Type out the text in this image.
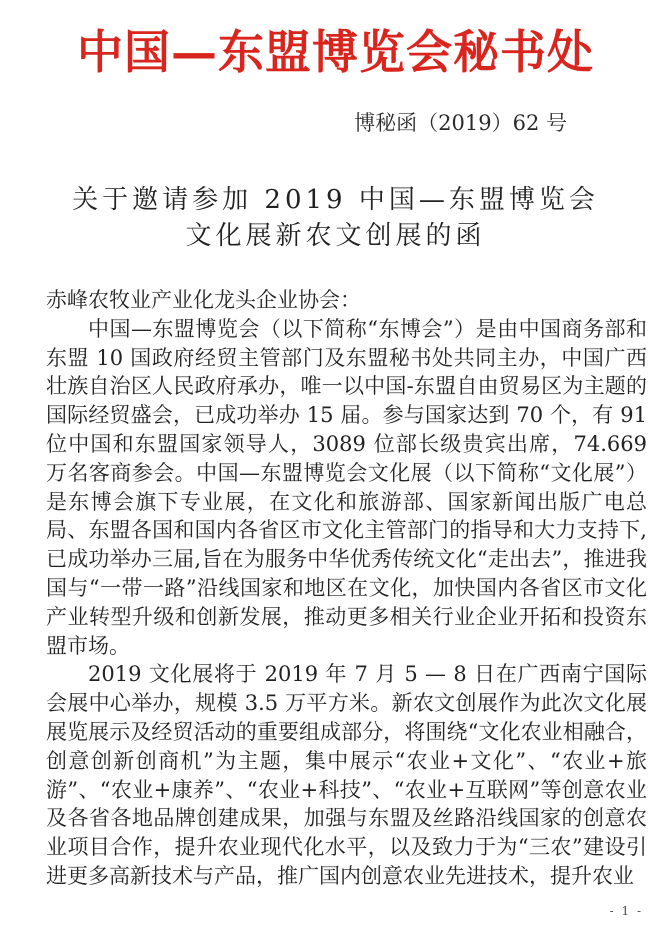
中国—东盟博览会秘书处
博秘函（2019）62 号
关于邀请参加 2019 中国—东盟博览会
文化展新农文创展的函

赤峰农牧业产业化龙头企业协会：

中国—东盟博览会（以下简称“东博会”）是由中国商务部和东盟 10 国政府经贸主管部门及东盟秘书处共同主办，中国广西壮族自治区人民政府承办，唯一以中国-东盟自由贸易区为主题的国际经贸盛会，已成功举办 15 届。参与国家达到 70 个，有 91 位中国和东盟国家领导人，3089 位部长级贵宾出席，74.669 万名客商参会。中国—东盟博览会文化展（以下简称“文化展”）是东博会旗下专业展，在文化和旅游部、国家新闻出版广电总局、东盟各国和国内各省区市文化主管部门的指导和大力支持下,已成功举办三届,旨在为服务中华优秀传统文化“走出去”，推进我国与“一带一路”沿线国家和地区在文化，加快国内各省区市文化产业转型升级和创新发展，推动更多相关行业企业开拓和投资东盟市场。

2019 文化展将于 2019 年 7 月 5 — 8 日在广西南宁国际会展中心举办，规模 3.5 万平方米。新农文创展作为此次文化展展览展示及经贸活动的重要组成部分，将围绕“文化农业相融合，创意创新创商机”为主题，集中展示“农业+文化”、“农业+旅游”、“农业+康养”、“农业+科技”、“农业+互联网”等创意农业及各省各地品牌创建成果，加强与东盟及丝路沿线国家的创意农业项目合作，提升农业现代化水平，以及致力于为“三农”建设引进更多高新技术与产品，推广国内创意农业先进技术，提升农业

- 1 -
